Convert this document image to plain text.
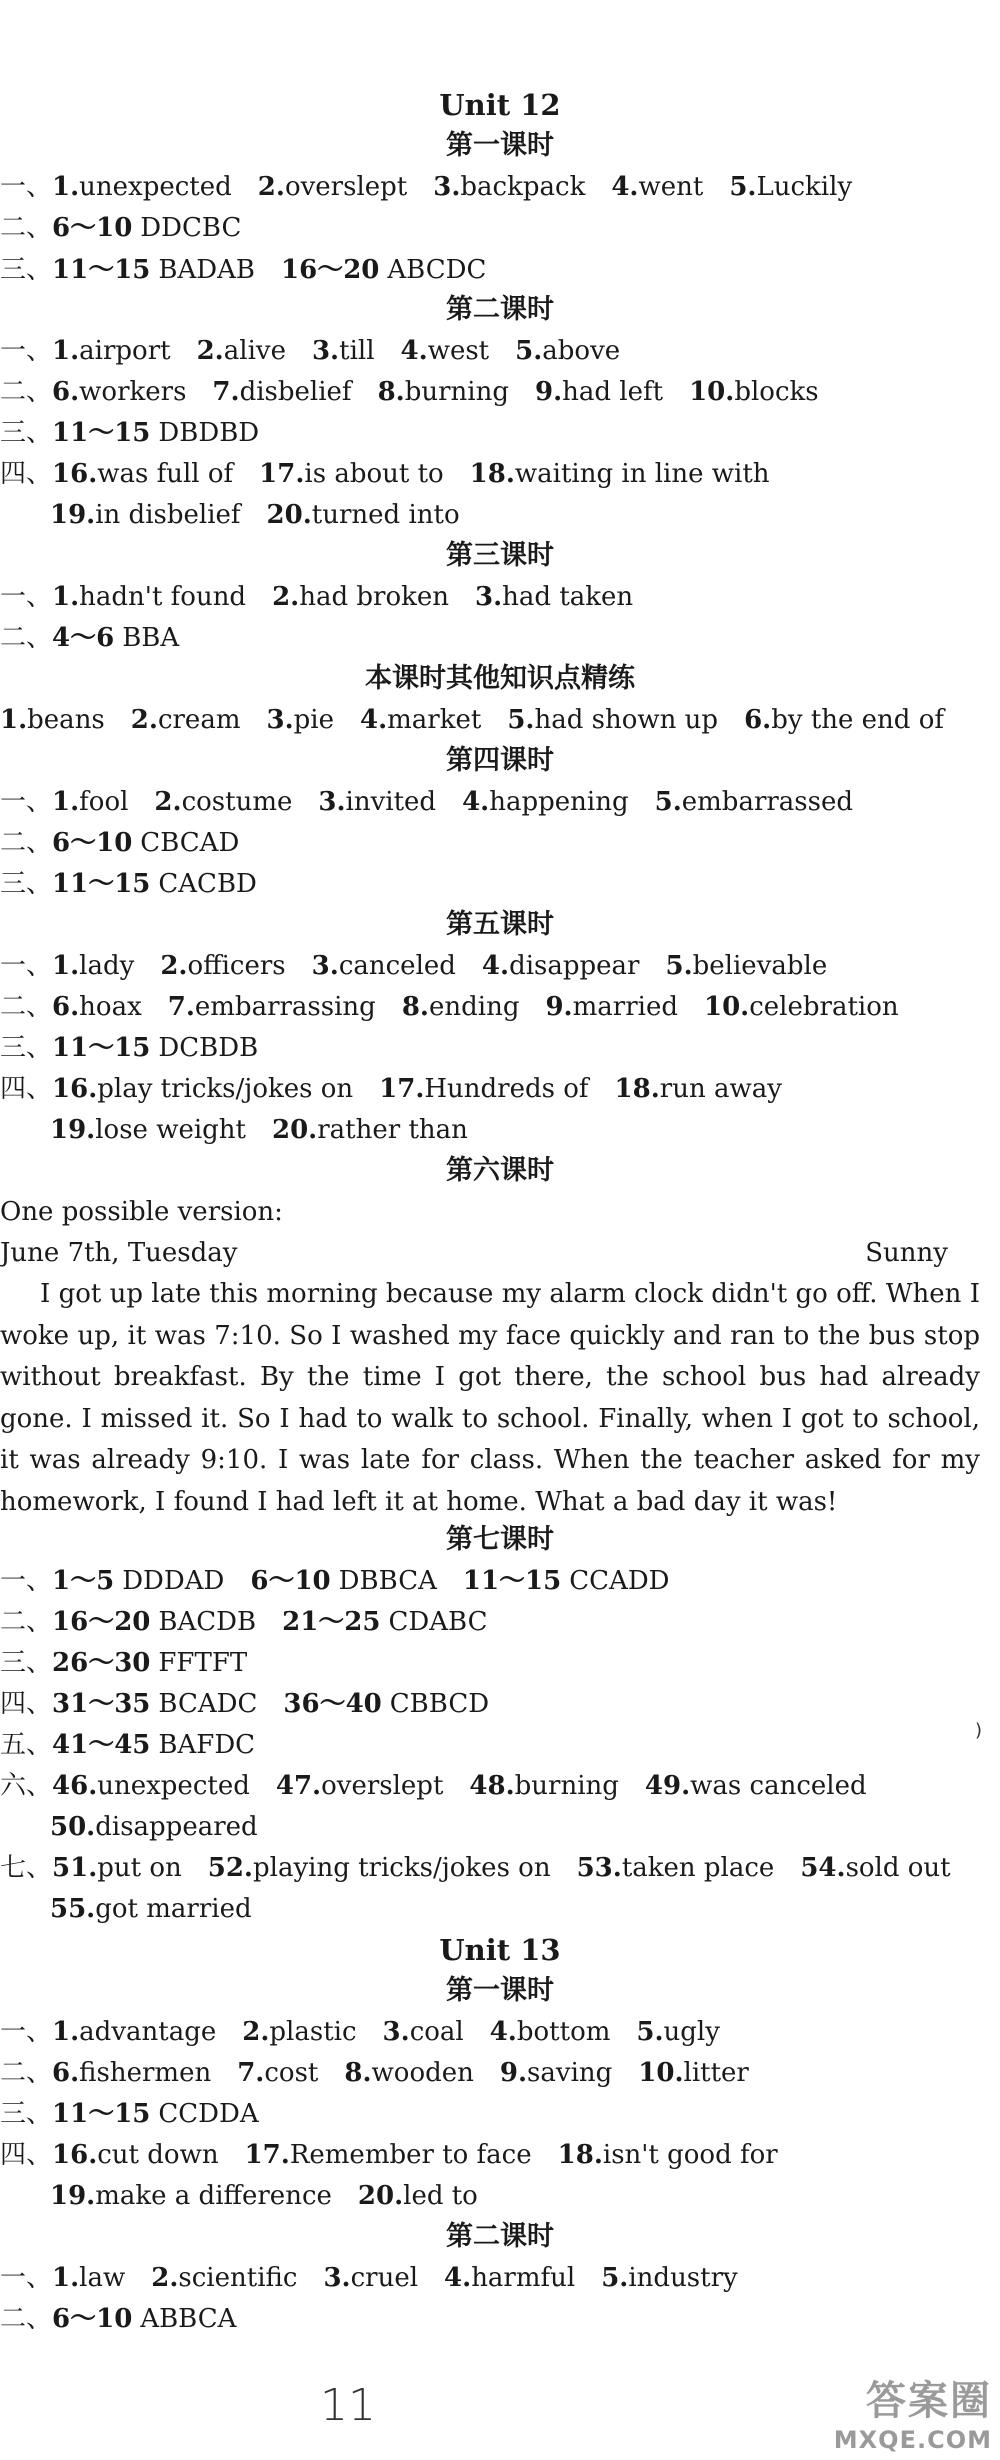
Unit 12
第一课时
一、1.unexpected 2.overslept 3.backpack 4.went 5.Luckily
二、6～10 DDCBC
三、11～15 BADAB 16～20 ABCDC
第二课时
一、1.airport 2.alive 3.till 4.west 5.above
二、6.workers 7.disbelief 8.burning 9.had left 10.blocks
三、11～15 DBDBD
四、16.was full of 17.is about to 18.waiting in line with
19.in disbelief 20.turned into
第三课时
一、1.hadn't found 2.had broken 3.had taken
二、4～6 BBA
本课时其他知识点精练
1.beans 2.cream 3.pie 4.market 5.had shown up 6.by the end of
第四课时
一、1.fool 2.costume 3.invited 4.happening 5.embarrassed
二、6～10 CBCAD
三、11～15 CACBD
第五课时
一、1.lady 2.officers 3.canceled 4.disappear 5.believable
二、6.hoax 7.embarrassing 8.ending 9.married 10.celebration
三、11～15 DCBDB
四、16.play tricks/jokes on 17.Hundreds of 18.run away
19.lose weight 20.rather than
第六课时
One possible version:
June 7th, Tuesday	Sunny
I got up late this morning because my alarm clock didn't go off. When I woke up, it was 7:10. So I washed my face quickly and ran to the bus stop without breakfast. By the time I got there, the school bus had already gone. I missed it. So I had to walk to school. Finally, when I got to school, it was already 9:10. I was late for class. When the teacher asked for my homework, I found I had left it at home. What a bad day it was!
第七课时
一、1～5 DDDAD 6～10 DBBCA 11～15 CCADD
二、16～20 BACDB 21～25 CDABC
三、26～30 FFTFT
四、31～35 BCADC 36～40 CBBCD
五、41～45 BAFDC
六、46.unexpected 47.overslept 48.burning 49.was canceled
50.disappeared
七、51.put on 52.playing tricks/jokes on 53.taken place 54.sold out
55.got married
Unit 13
第一课时
一、1.advantage 2.plastic 3.coal 4.bottom 5.ugly
二、6.fishermen 7.cost 8.wooden 9.saving 10.litter
三、11～15 CCDDA
四、16.cut down 17.Remember to face 18.isn't good for
19.make a difference 20.led to
第二课时
一、1.law 2.scientific 3.cruel 4.harmful 5.industry
二、6～10 ABBCA
11
)
答案圈
MXQE.COM
